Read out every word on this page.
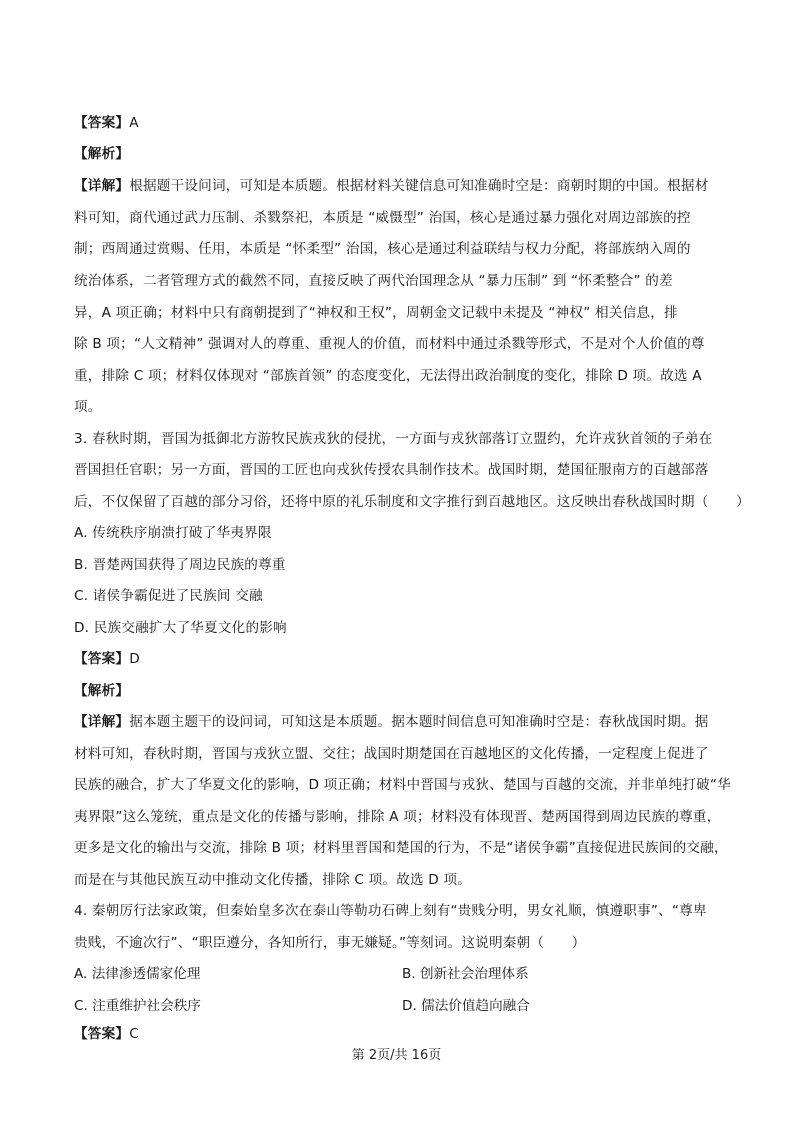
【答案】A
【解析】
【详解】根据题干设问词，可知是本质题。根据材料关键信息可知准确时空是：商朝时期的中国。根据材
料可知，商代通过武力压制、杀戮祭祀，本质是 “威慑型” 治国，核心是通过暴力强化对周边部族的控
制；西周通过赏赐、任用，本质是 “怀柔型” 治国，核心是通过利益联结与权力分配，将部族纳入周的
统治体系，二者管理方式的截然不同，直接反映了两代治国理念从 “暴力压制” 到 “怀柔整合” 的差
异，A 项正确；材料中只有商朝提到了“神权和王权”，周朝金文记载中未提及 “神权” 相关信息，排
除 B 项；“人文精神” 强调对人的尊重、重视人的价值，而材料中通过杀戮等形式，不是对个人价值的尊
重，排除 C 项；材料仅体现对 “部族首领” 的态度变化，无法得出政治制度的变化，排除 D 项。故选 A
项。
3. 春秋时期，晋国为抵御北方游牧民族戎狄的侵扰，一方面与戎狄部落订立盟约，允许戎狄首领的子弟在
晋国担任官职；另一方面，晋国的工匠也向戎狄传授农具制作技术。战国时期，楚国征服南方的百越部落
后，不仅保留了百越的部分习俗，还将中原的礼乐制度和文字推行到百越地区。这反映出春秋战国时期（　　）
A. 传统秩序崩溃打破了华夷界限
B. 晋楚两国获得了周边民族的尊重
C. 诸侯争霸促进了民族间 交融
D. 民族交融扩大了华夏文化的影响
【答案】D
【解析】
【详解】据本题主题干的设问词，可知这是本质题。据本题时间信息可知准确时空是：春秋战国时期。据
材料可知，春秋时期，晋国与戎狄立盟、交往；战国时期楚国在百越地区的文化传播，一定程度上促进了
民族的融合，扩大了华夏文化的影响，D 项正确；材料中晋国与戎狄、楚国与百越的交流，并非单纯打破“华
夷界限”这么笼统，重点是文化的传播与影响，排除 A 项；材料没有体现晋、楚两国得到周边民族的尊重，
更多是文化的输出与交流，排除 B 项；材料里晋国和楚国的行为，不是“诸侯争霸”直接促进民族间的交融，
而是在与其他民族互动中推动文化传播，排除 C 项。故选 D 项。
4. 秦朝厉行法家政策，但秦始皇多次在泰山等勒功石碑上刻有“贵贱分明，男女礼顺，慎遵职事”、“尊卑
贵贱，不逾次行”、“职臣遵分，各知所行，事无嫌疑。”等刻词。这说明秦朝（　　）
A. 法律渗透儒家伦理	B. 创新社会治理体系
C. 注重维护社会秩序	D. 儒法价值趋向融合
【答案】C
第 2页/共 16页
